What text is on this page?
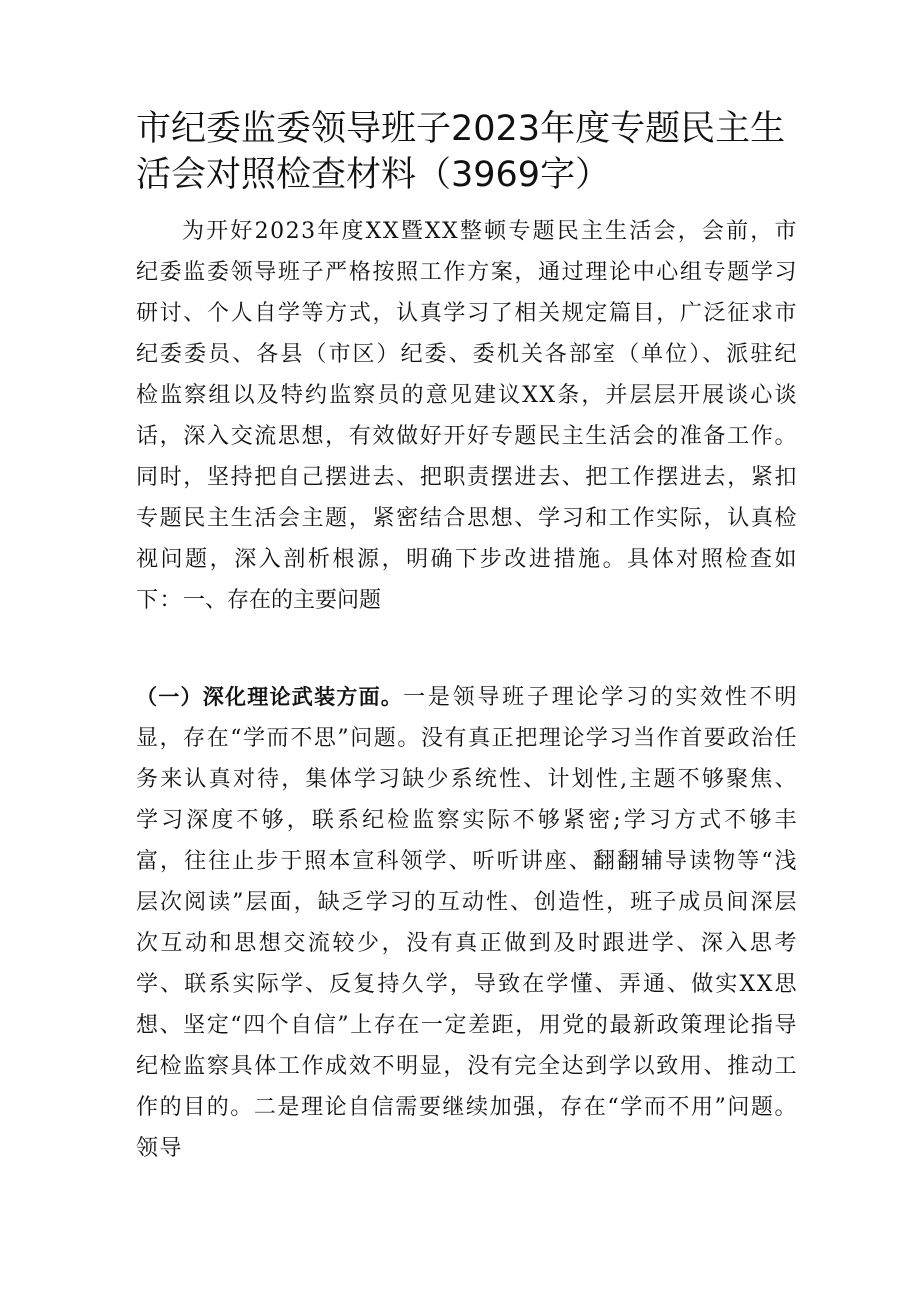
市纪委监委领导班子2023年度专题民主生活会对照检查材料（3969字）

为开好2023年度XX暨XX整顿专题民主生活会，会前，市纪委监委领导班子严格按照工作方案，通过理论中心组专题学习研讨、个人自学等方式，认真学习了相关规定篇目，广泛征求市纪委委员、各县（市区）纪委、委机关各部室（单位）、派驻纪检监察组以及特约监察员的意见建议XX条，并层层开展谈心谈话，深入交流思想，有效做好开好专题民主生活会的准备工作。同时，坚持把自己摆进去、把职责摆进去、把工作摆进去，紧扣专题民主生活会主题，紧密结合思想、学习和工作实际，认真检视问题，深入剖析根源，明确下步改进措施。具体对照检查如下：一、存在的主要问题

（一）深化理论武装方面。一是领导班子理论学习的实效性不明显，存在“学而不思”问题。没有真正把理论学习当作首要政治任务来认真对待，集体学习缺少系统性、计划性,主题不够聚焦、学习深度不够，联系纪检监察实际不够紧密;学习方式不够丰富，往往止步于照本宣科领学、听听讲座、翻翻辅导读物等“浅层次阅读”层面，缺乏学习的互动性、创造性，班子成员间深层次互动和思想交流较少，没有真正做到及时跟进学、深入思考学、联系实际学、反复持久学，导致在学懂、弄通、做实XX思想、坚定“四个自信”上存在一定差距，用党的最新政策理论指导纪检监察具体工作成效不明显，没有完全达到学以致用、推动工作的目的。二是理论自信需要继续加强，存在“学而不用”问题。领导
